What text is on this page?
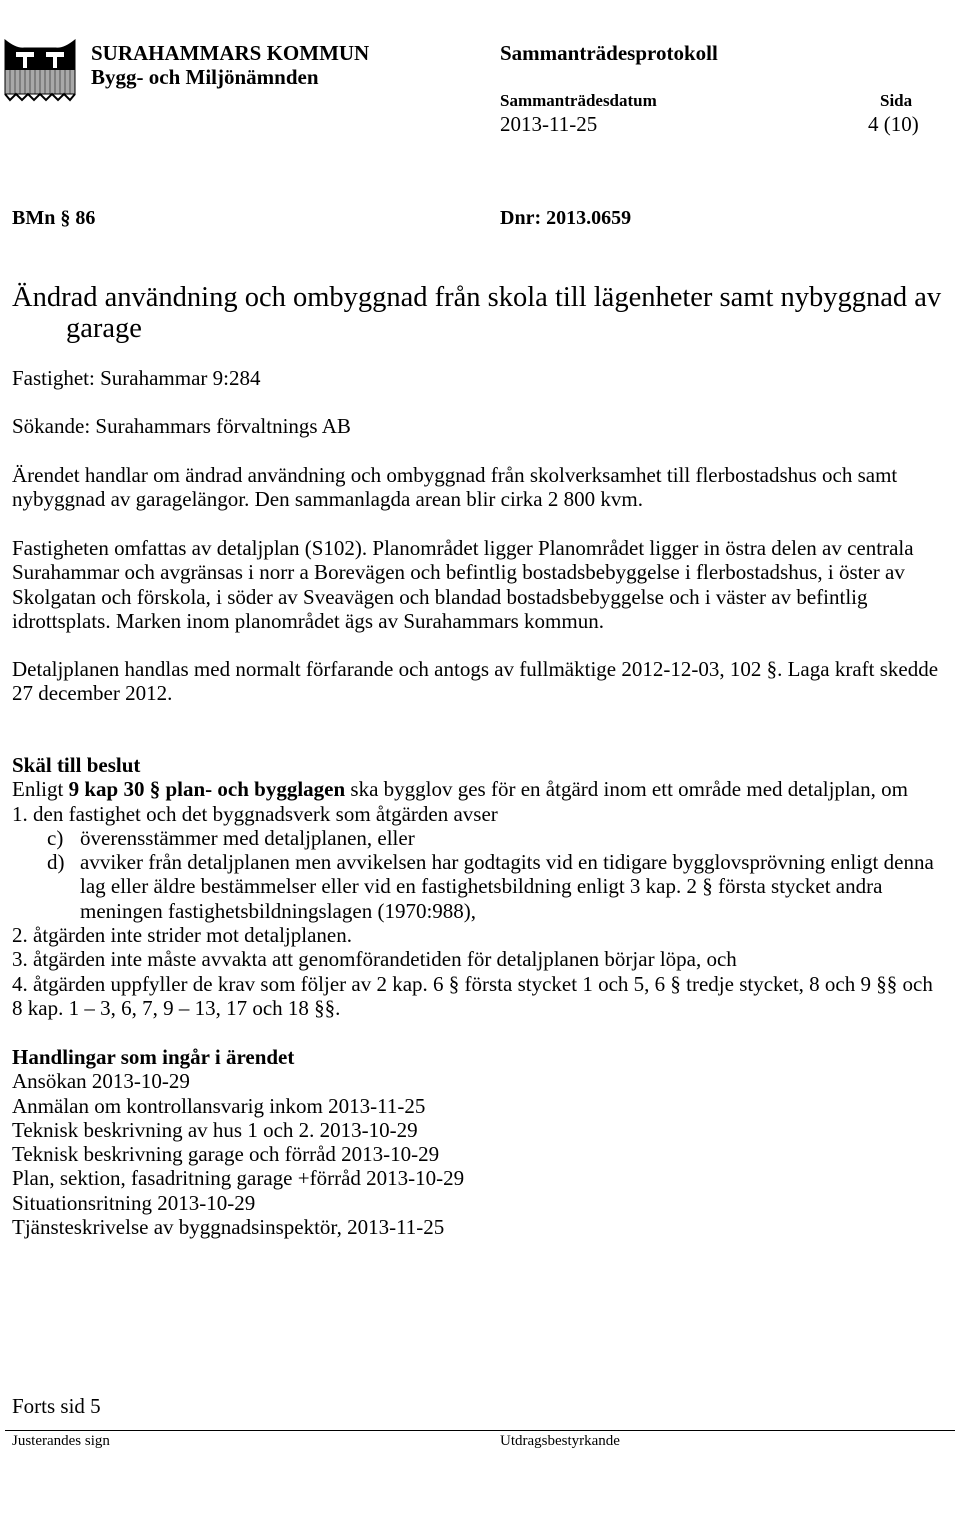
SURAHAMMARS KOMMUN
Bygg- och Miljönämnden
Sammanträdesprotokoll
Sammanträdesdatum	Sida
2013-11-25	4 (10)
BMn § 86	Dnr: 2013.0659
Ändrad användning och ombyggnad från skola till lägenheter samt nybyggnad av
garage
Fastighet: Surahammar 9:284
Sökande: Surahammars förvaltnings AB
Ärendet handlar om ändrad användning och ombyggnad från skolverksamhet till flerbostadshus och samt
nybyggnad av garagelängor. Den sammanlagda arean blir cirka 2 800 kvm.
Fastigheten omfattas av detaljplan (S102). Planområdet ligger Planområdet ligger in östra delen av centrala
Surahammar och avgränsas i norr a Borevägen och befintlig bostadsbebyggelse i flerbostadshus, i öster av
Skolgatan och förskola, i söder av Sveavägen och blandad bostadsbebyggelse och i väster av befintlig
idrottsplats. Marken inom planområdet ägs av Surahammars kommun.
Detaljplanen handlas med normalt förfarande och antogs av fullmäktige 2012-12-03, 102 §. Laga kraft skedde
27 december 2012.
Skäl till beslut
Enligt 9 kap 30 § plan- och bygglagen ska bygglov ges för en åtgärd inom ett område med detaljplan, om
1. den fastighet och det byggnadsverk som åtgärden avser
c) överensstämmer med detaljplanen, eller
d) avviker från detaljplanen men avvikelsen har godtagits vid en tidigare bygglovsprövning enligt denna
lag eller äldre bestämmelser eller vid en fastighetsbildning enligt 3 kap. 2 § första stycket andra
meningen fastighetsbildningslagen (1970:988),
2. åtgärden inte strider mot detaljplanen.
3. åtgärden inte måste avvakta att genomförandetiden för detaljplanen börjar löpa, och
4. åtgärden uppfyller de krav som följer av 2 kap. 6 § första stycket 1 och 5, 6 § tredje stycket, 8 och 9 §§ och
8 kap. 1 – 3, 6, 7, 9 – 13, 17 och 18 §§.
Handlingar som ingår i ärendet
Ansökan 2013-10-29
Anmälan om kontrollansvarig inkom 2013-11-25
Teknisk beskrivning av hus 1 och 2. 2013-10-29
Teknisk beskrivning garage och förråd 2013-10-29
Plan, sektion, fasadritning garage +förråd 2013-10-29
Situationsritning 2013-10-29
Tjänsteskrivelse av byggnadsinspektör, 2013-11-25
Forts sid 5
Justerandes sign	Utdragsbestyrkande
